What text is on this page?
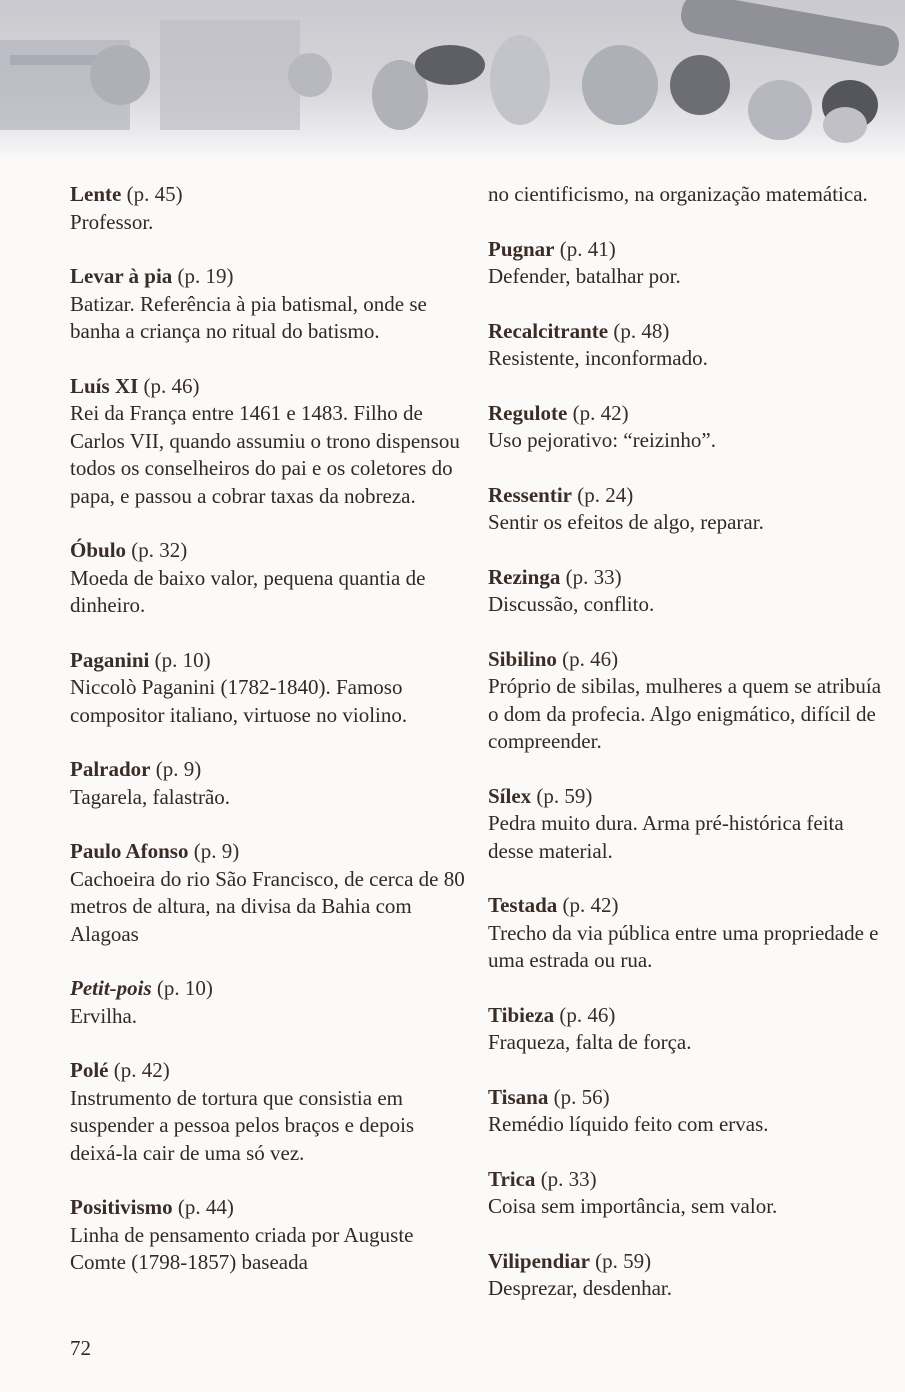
Lente (p. 45)
Professor.
Levar à pia (p. 19)
Batizar. Referência à pia batismal, onde se banha a criança no ritual do batismo.
Luís XI (p. 46)
Rei da França entre 1461 e 1483. Filho de Carlos VII, quando assumiu o trono dispensou todos os conselheiros do pai e os coletores do papa, e passou a cobrar taxas da nobreza.
Óbulo (p. 32)
Moeda de baixo valor, pequena quantia de dinheiro.
Paganini (p. 10)
Niccolò Paganini (1782-1840). Famoso compositor italiano, virtuose no violino.
Palrador (p. 9)
Tagarela, falastrão.
Paulo Afonso (p. 9)
Cachoeira do rio São Francisco, de cerca de 80 metros de altura, na divisa da Bahia com Alagoas
Petit-pois (p. 10)
Ervilha.
Polé (p. 42)
Instrumento de tortura que consistia em suspender a pessoa pelos braços e depois deixá-la cair de uma só vez.
Positivismo (p. 44)
Linha de pensamento criada por Auguste Comte (1798-1857) baseada
no cientificismo, na organização matemática.
Pugnar (p. 41)
Defender, batalhar por.
Recalcitrante (p. 48)
Resistente, inconformado.
Regulote (p. 42)
Uso pejorativo: “reizinho”.
Ressentir (p. 24)
Sentir os efeitos de algo, reparar.
Rezinga (p. 33)
Discussão, conflito.
Sibilino (p. 46)
Próprio de sibilas, mulheres a quem se atribuía o dom da profecia. Algo enigmático, difícil de compreender.
Sílex (p. 59)
Pedra muito dura. Arma pré-histórica feita desse material.
Testada (p. 42)
Trecho da via pública entre uma propriedade e uma estrada ou rua.
Tibieza (p. 46)
Fraqueza, falta de força.
Tisana (p. 56)
Remédio líquido feito com ervas.
Trica (p. 33)
Coisa sem importância, sem valor.
Vilipendiar (p. 59)
Desprezar, desdenhar.
72
